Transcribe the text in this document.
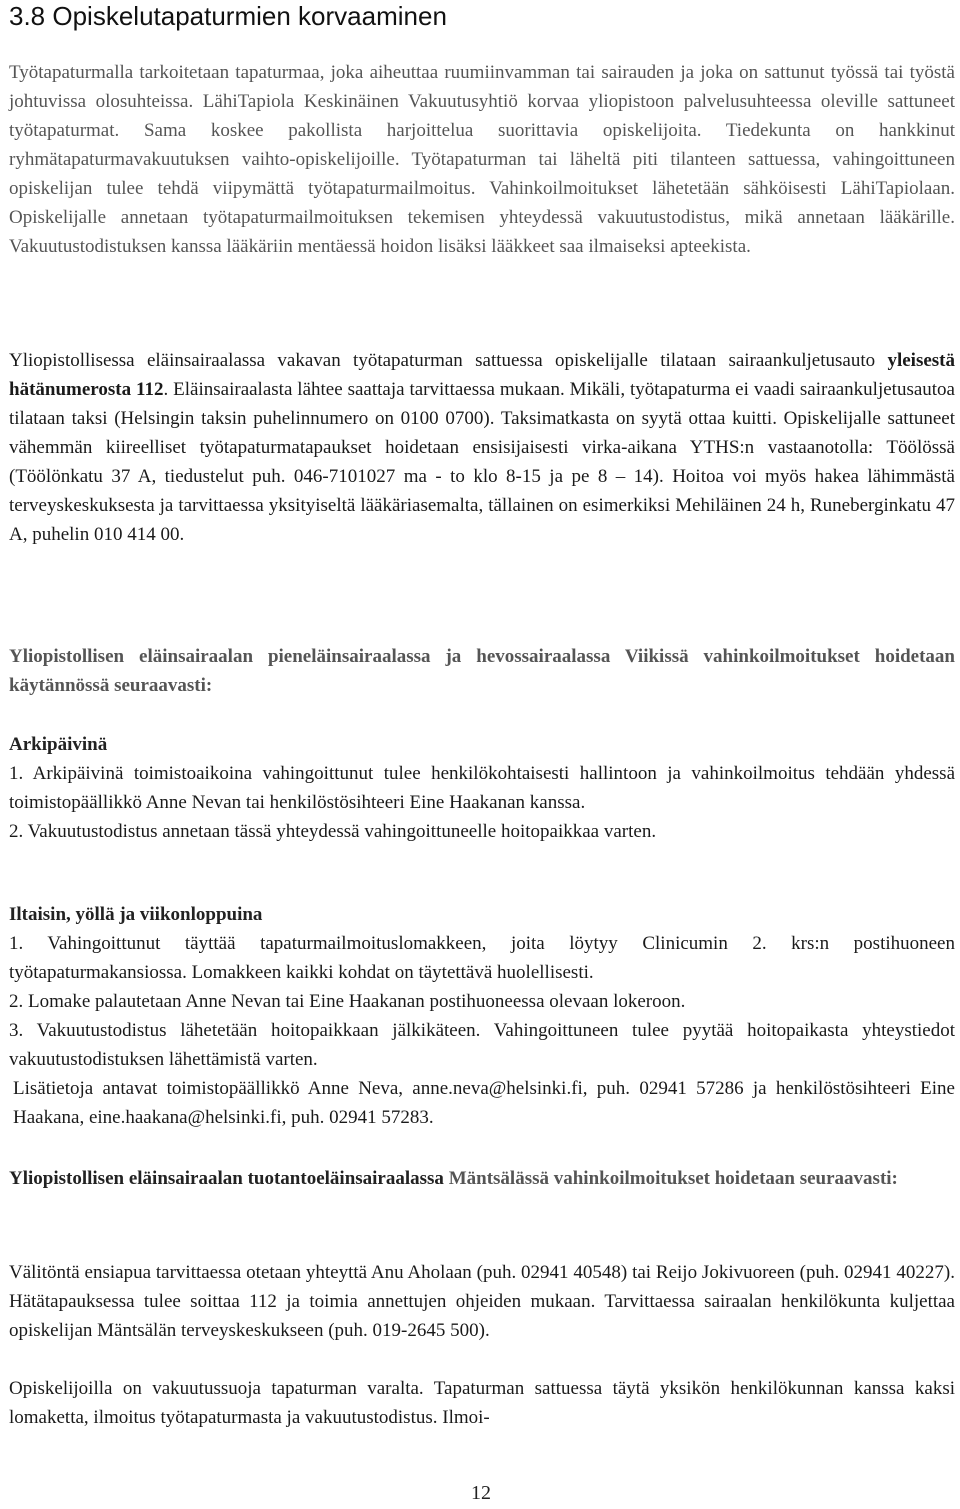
3.8 Opiskelutapaturmien korvaaminen

Työtapaturmalla tarkoitetaan tapaturmaa, joka aiheuttaa ruumiinvamman tai sairauden ja joka on sattunut työssä tai työstä johtuvissa olosuhteissa. LähiTapiola Keskinäinen Vakuutusyhtiö korvaa yliopistoon palvelusuhteessa oleville sattuneet työtapaturmat. Sama koskee pakollista harjoittelua suorittavia opiskelijoita. Tiedekunta on hankkinut ryhmätapaturmavakuutuksen vaihto-opiskelijoille. Työtapaturman tai läheltä piti tilanteen sattuessa, vahingoittuneen opiskelijan tulee tehdä viipymättä työtapaturmailmoitus. Vahinkoilmoitukset lähetetään sähköisesti LähiTapiolaan. Opiskelijalle annetaan työtapaturmailmoituksen tekemisen yhteydessä vakuutustodistus, mikä annetaan lääkärille. Vakuutustodistuksen kanssa lääkäriin mentäessä hoidon lisäksi lääkkeet saa ilmaiseksi apteekista.

Yliopistollisessa eläinsairaalassa vakavan työtapaturman sattuessa opiskelijalle tilataan sairaankuljetusauto yleisestä hätänumerosta 112. Eläinsairaalasta lähtee saattaja tarvittaessa mukaan. Mikäli, työtapaturma ei vaadi sairaankuljetusautoa tilataan taksi (Helsingin taksin puhelinnumero on 0100 0700). Taksimatkasta on syytä ottaa kuitti. Opiskelijalle sattuneet vähemmän kiireelliset työtapaturmatapaukset hoidetaan ensisijaisesti virka-aikana YTHS:n vastaanotolla: Töölössä (Töölönkatu 37 A, tiedustelut puh. 046-7101027 ma - to klo 8-15 ja pe 8 – 14). Hoitoa voi myös hakea lähimmästä terveyskeskuksesta ja tarvittaessa yksityiseltä lääkäriasemalta, tällainen on esimerkiksi Mehiläinen 24 h, Runeberginkatu 47 A, puhelin 010 414 00.

Yliopistollisen eläinsairaalan pieneläinsairaalassa ja hevossairaalassa Viikissä vahinkoilmoitukset hoidetaan käytännössä seuraavasti:

Arkipäivinä

1. Arkipäivinä toimistoaikoina vahingoittunut tulee henkilökohtaisesti hallintoon ja vahinkoilmoitus tehdään yhdessä toimistopäällikkö Anne Nevan tai henkilöstösihteeri Eine Haakanan kanssa.
2. Vakuutustodistus annetaan tässä yhteydessä vahingoittuneelle hoitopaikkaa varten.

Iltaisin, yöllä ja viikonloppuina

1. Vahingoittunut täyttää tapaturmailmoituslomakkeen, joita löytyy Clinicumin 2. krs:n postihuoneen työtapaturmakansiossa. Lomakkeen kaikki kohdat on täytettävä huolellisesti.
2. Lomake palautetaan Anne Nevan tai Eine Haakanan postihuoneessa olevaan lokeroon.
3. Vakuutustodistus lähetetään hoitopaikkaan jälkikäteen. Vahingoittuneen tulee pyytää hoitopaikasta yhteystiedot vakuutustodistuksen lähettämistä varten.
Lisätietoja antavat toimistopäällikkö Anne Neva, anne.neva@helsinki.fi, puh. 02941 57286 ja henkilöstösihteeri Eine Haakana, eine.haakana@helsinki.fi, puh. 02941 57283.

Yliopistollisen eläinsairaalan tuotantoeläinsairaalassa Mäntsälässä vahinkoilmoitukset hoidetaan seuraavasti:

Välitöntä ensiapua tarvittaessa otetaan yhteyttä Anu Aholaan (puh. 02941 40548) tai Reijo Jokivuoreen (puh. 02941 40227). Hätätapauksessa tulee soittaa 112 ja toimia annettujen ohjeiden mukaan. Tarvittaessa sairaalan henkilökunta kuljettaa opiskelijan Mäntsälän terveyskeskukseen (puh. 019-2645 500).

Opiskelijoilla on vakuutussuoja tapaturman varalta. Tapaturman sattuessa täytä yksikön henkilökunnan kanssa kaksi lomaketta, ilmoitus työtapaturmasta ja vakuutustodistus. Ilmoi-

12
